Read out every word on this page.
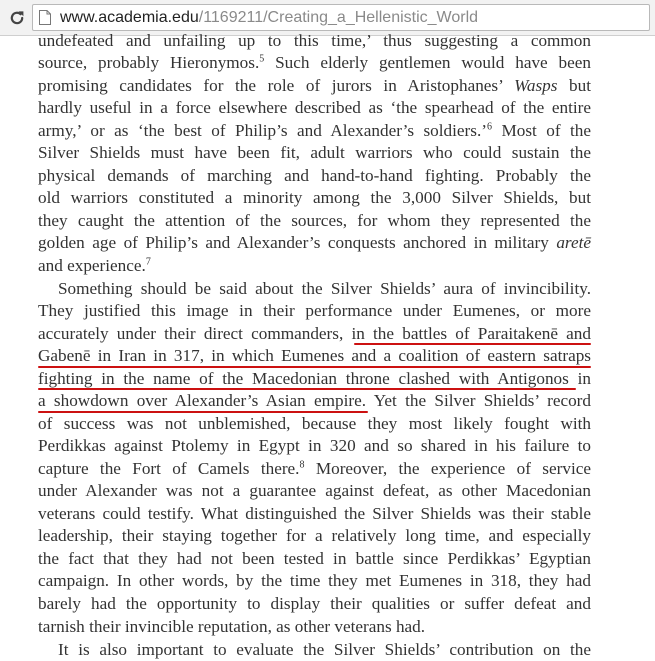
www.academia.edu /1169211/Creating_a_Hellenistic_World
undefeated and unfailing up to this time,’ thus suggesting a common
source, probably Hieronymos.$^5$ Such elderly gentlemen would have been
promising candidates for the role of jurors in Aristophanes’ Wasps but
hardly useful in a force elsewhere described as ‘the spearhead of the entire
army,’ or as ‘the best of Philip’s and Alexander’s soldiers.’$^6$ Most of the
Silver Shields must have been fit, adult warriors who could sustain the
physical demands of marching and hand-to-hand fighting. Probably the
old warriors constituted a minority among the 3,000 Silver Shields, but
they caught the attention of the sources, for whom they represented the
golden age of Philip’s and Alexander’s conquests anchored in military aretē
and experience.$^7$
Something should be said about the Silver Shields’ aura of invincibility.
They justified this image in their performance under Eumenes, or more
accurately under their direct commanders, in the battles of Paraitakenē and
Gabenē in Iran in 317, in which Eumenes and a coalition of eastern satraps
fighting in the name of the Macedonian throne clashed with Antigonos in
a showdown over Alexander’s Asian empire. Yet the Silver Shields’ record
of success was not unblemished, because they most likely fought with
Perdikkas against Ptolemy in Egypt in 320 and so shared in his failure to
capture the Fort of Camels there.$^8$ Moreover, the experience of service
under Alexander was not a guarantee against defeat, as other Macedonian
veterans could testify. What distinguished the Silver Shields was their stable
leadership, their staying together for a relatively long time, and especially
the fact that they had not been tested in battle since Perdikkas’ Egyptian
campaign. In other words, by the time they met Eumenes in 318, they had
barely had the opportunity to display their qualities or suffer defeat and
tarnish their invincible reputation, as other veterans had.
It is also important to evaluate the Silver Shields’ contribution on the
